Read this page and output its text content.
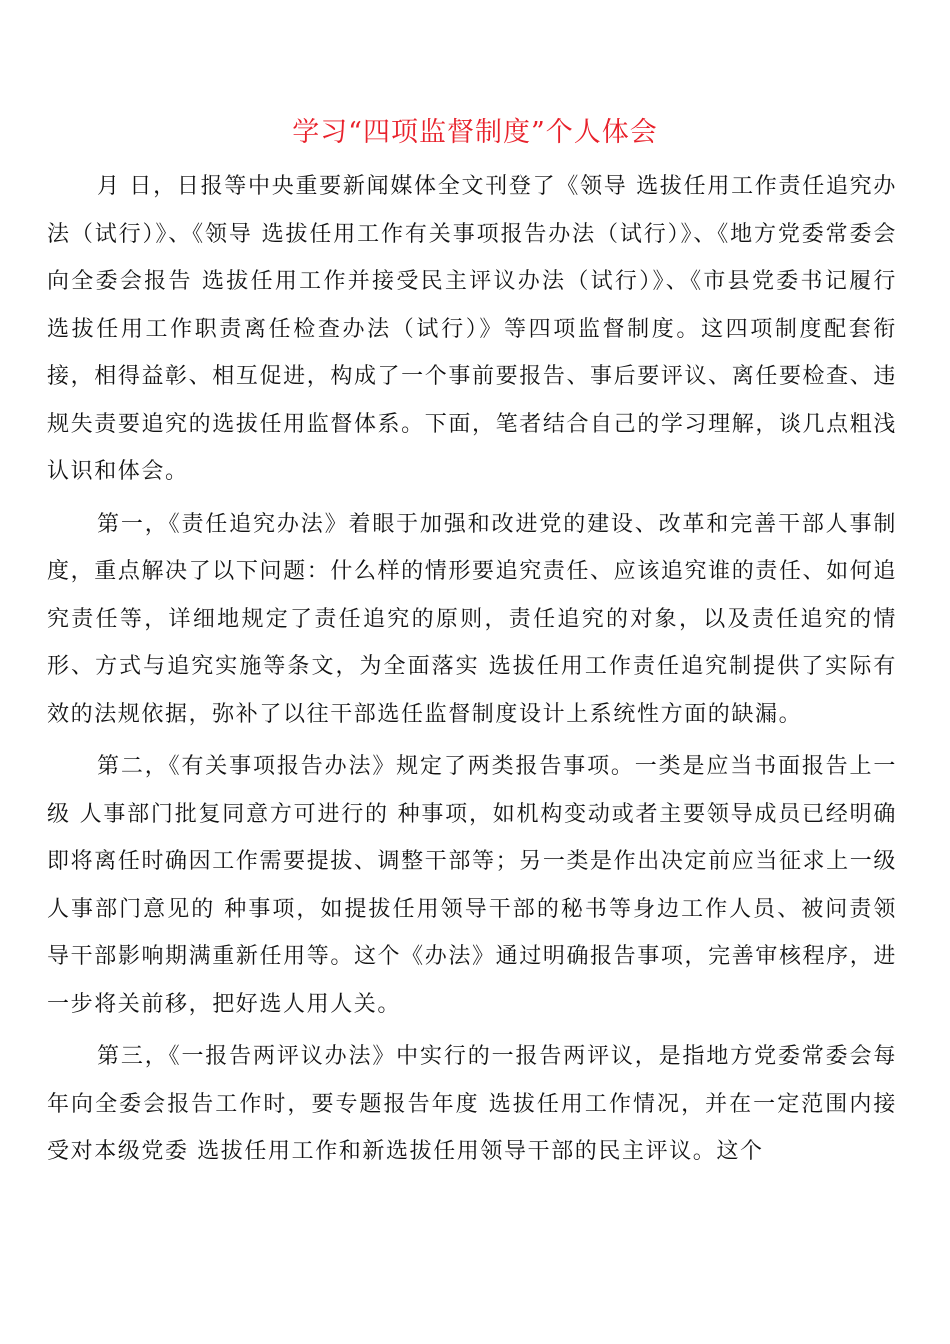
学习“四项监督制度”个人体会

月 日，日报等中央重要新闻媒体全文刊登了《领导 选拔任用工作责任追究办法（试行）》、《领导 选拔任用工作有关事项报告办法（试行）》、《地方党委常委会向全委会报告 选拔任用工作并接受民主评议办法（试行）》、《市县党委书记履行 选拔任用工作职责离任检查办法（试行）》等四项监督制度。这四项制度配套衔接，相得益彰、相互促进，构成了一个事前要报告、事后要评议、离任要检查、违规失责要追究的选拔任用监督体系。下面，笔者结合自己的学习理解，谈几点粗浅认识和体会。

第一，《责任追究办法》着眼于加强和改进党的建设、改革和完善干部人事制度，重点解决了以下问题：什么样的情形要追究责任、应该追究谁的责任、如何追究责任等，详细地规定了责任追究的原则，责任追究的对象，以及责任追究的情形、方式与追究实施等条文，为全面落实 选拔任用工作责任追究制提供了实际有效的法规依据，弥补了以往干部选任监督制度设计上系统性方面的缺漏。

第二，《有关事项报告办法》规定了两类报告事项。一类是应当书面报告上一级 人事部门批复同意方可进行的 种事项，如机构变动或者主要领导成员已经明确即将离任时确因工作需要提拔、调整干部等；另一类是作出决定前应当征求上一级 人事部门意见的 种事项，如提拔任用领导干部的秘书等身边工作人员、被问责领导干部影响期满重新任用等。这个《办法》通过明确报告事项，完善审核程序，进一步将关前移，把好选人用人关。

第三，《一报告两评议办法》中实行的一报告两评议，是指地方党委常委会每年向全委会报告工作时，要专题报告年度 选拔任用工作情况，并在一定范围内接受对本级党委 选拔任用工作和新选拔任用领导干部的民主评议。这个
